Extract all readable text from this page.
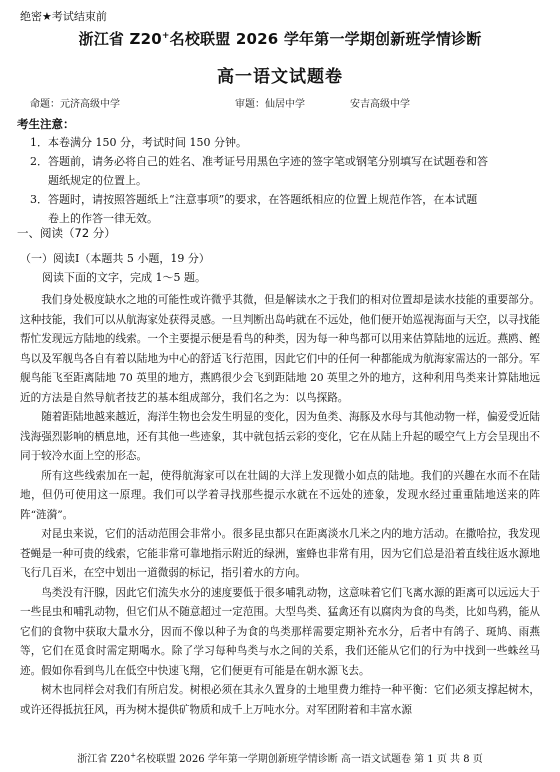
绝密★考试结束前
浙江省 Z20+名校联盟 2026 学年第一学期创新班学情诊断
高一语文试题卷
命题：元济高级中学	审题：仙居中学	安吉高级中学
考生注意：
1．本卷满分 150 分，考试时间 150 分钟。
2．答题前，请务必将自己的姓名、准考证号用黑色字迹的签字笔或钢笔分别填写在试题卷和答
题纸规定的位置上。
3．答题时，请按照答题纸上“注意事项”的要求，在答题纸相应的位置上规范作答，在本试题
卷上的作答一律无效。
一、阅读（72 分）
（一）阅读Ⅰ（本题共 5 小题，19 分）
阅读下面的文字，完成 1～5 题。

我们身处极度缺水之地的可能性或许微乎其微，但是解读水之于我们的相对位置却是读水技能的重要部分。这种技能，我们可以从航海家处获得灵感。一旦判断出岛屿就在不远处，他们便开始巡视海面与天空，以寻找能帮忙发现远方陆地的线索。一个主要提示便是看鸟的种类，因为每一种鸟都可以用来估算陆地的远近。燕鸥、鲣鸟以及军舰鸟各自有着以陆地为中心的舒适飞行范围，因此它们中的任何一种都能成为航海家需达的一部分。军舰鸟能飞至距离陆地 70 英里的地方，燕鸥很少会飞到距陆地 20 英里之外的地方，这种利用鸟类来计算陆地远近的方法是自然导航者技艺的基本组成部分，我们名之为：以鸟探路。

随着距陆地越来越近，海洋生物也会发生明显的变化，因为鱼类、海豚及水母与其他动物一样，偏爱受近陆浅海强烈影响的栖息地，还有其他一些迹象，其中就包括云彩的变化，它在从陆上升起的暖空气上方会呈现出不同于较冷水面上空的形态。

所有这些线索加在一起，使得航海家可以在壮阔的大洋上发现微小如点的陆地。我们的兴趣在水而不在陆地，但仍可使用这一原理。我们可以学着寻找那些提示水就在不远处的迹象，发现水经过重重陆地送来的阵阵“涟漪”。

对昆虫来说，它们的活动范围会非常小。很多昆虫都只在距离淡水几米之内的地方活动。在撒哈拉，我发现苍蝇是一种可贵的线索，它能非常可靠地指示附近的绿洲，蜜蜂也非常有用，因为它们总是沿着直线往返水源地飞行几百米，在空中划出一道微弱的标记，指引着水的方向。

鸟类没有汗腺，因此它们流失水分的速度要低于很多哺乳动物，这意味着它们飞离水源的距离可以远远大于一些昆虫和哺乳动物，但它们从不随意超过一定范围。大型鸟类、猛禽还有以腐肉为食的鸟类，比如鸟鸦，能从它们的食物中获取大量水分，因而不像以种子为食的鸟类那样需要定期补充水分，后者中有鸽子、斑鸠、雨燕等，它们在觅食时需定期喝水。除了学习每种鸟类与水之间的关系，我们还能从它们的行为中找到一些蛛丝马迹。假如你看到鸟儿在低空中快速飞翔，它们便更有可能是在朝水源飞去。

树木也同样会对我们有所启发。树根必须在其永久置身的土地里费力维持一种平衡：它们必须支撑起树木，或许还得抵抗狂风，再为树木提供矿物质和成千上万吨水分。对军团附着和丰富水源

浙江省 Z20+名校联盟 2026 学年第一学期创新班学情诊断 高一语文试题卷 第 1 页 共 8 页
